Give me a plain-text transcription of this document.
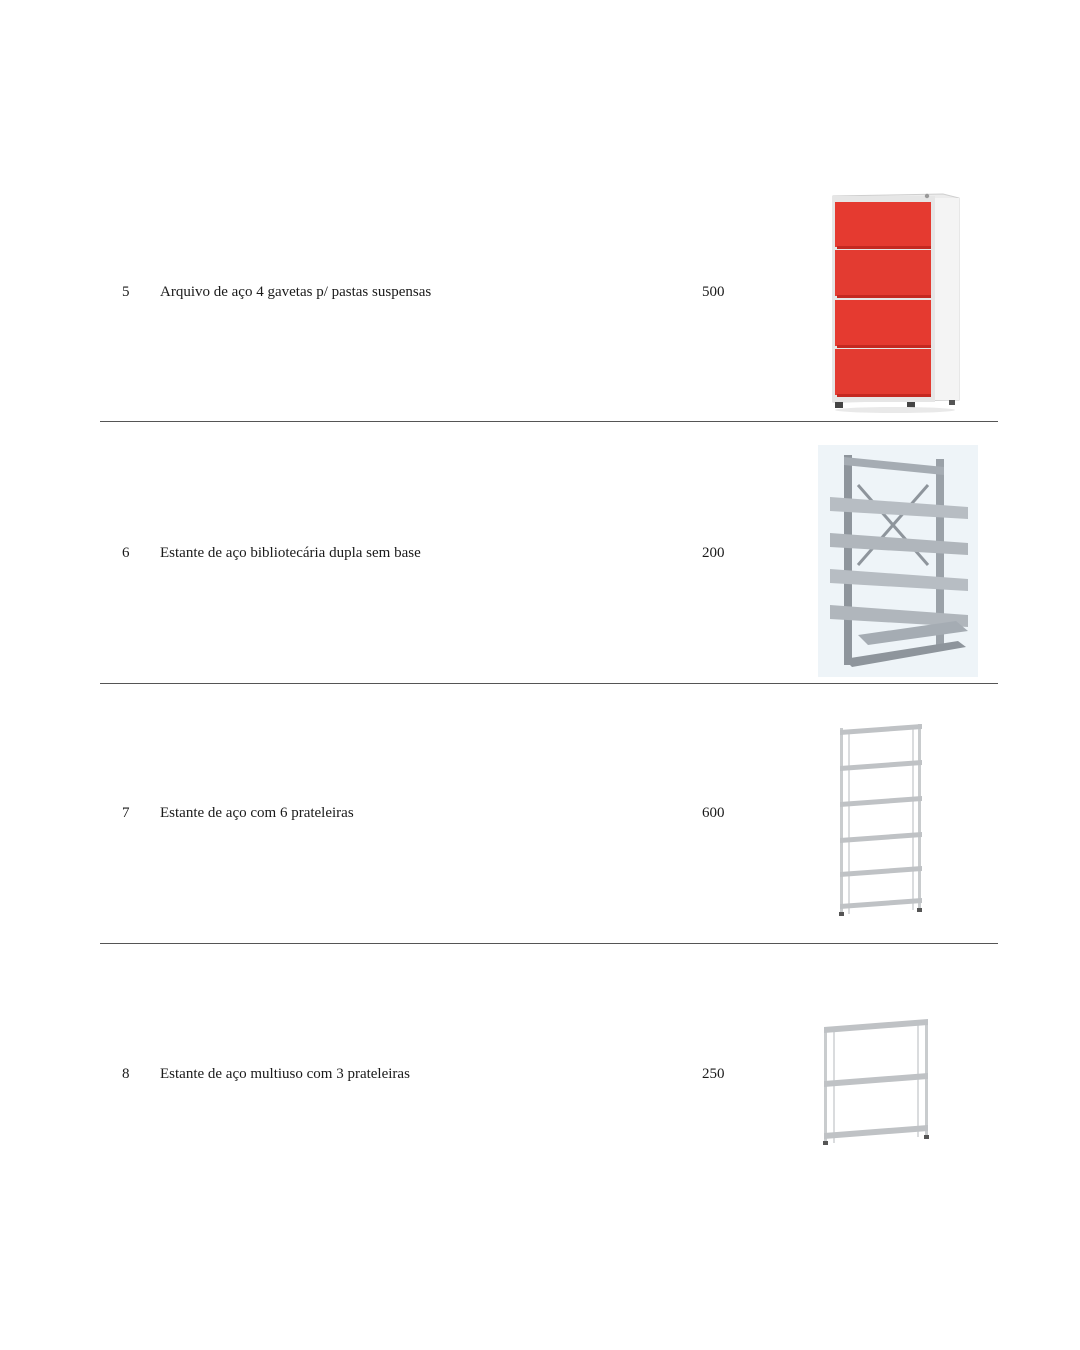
5 Arquivo de aço 4 gavetas p/ pastas suspensas	500
6 Estante de aço bibliotecária dupla sem base	200
7 Estante de aço com 6 prateleiras	600
8 Estante de aço multiuso com 3 prateleiras	250
